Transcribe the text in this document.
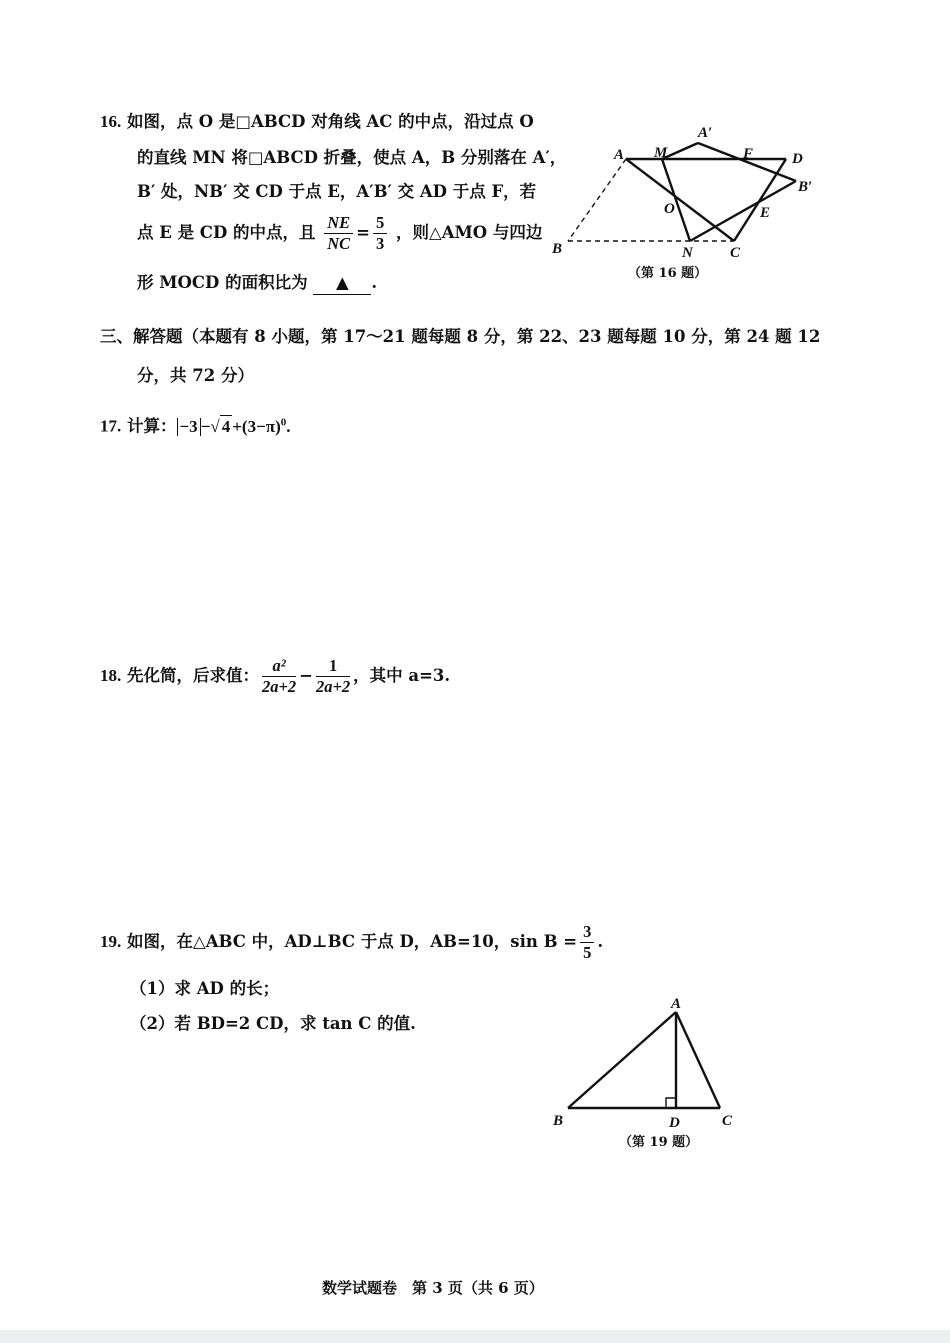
16. 如图，点 O 是□ABCD 对角线 AC 的中点，沿过点 O
的直线 MN 将□ABCD 折叠，使点 A，B 分别落在 A′，
B′ 处，NB′ 交 CD 于点 E，A′B′ 交 AD 于点 F，若
点 E 是 CD 的中点，且 $\frac{NE}{NC} = \frac{5}{3}$ ，则△AMO 与四边
形 MOCD 的面积比为 ▲ .
A M
A′
F	D
B′
O	E
B	N C
（第 16 题）
三、解答题（本题有 8 小题，第 17～21 题每题 8 分，第 22、23 题每题 10 分，第 24 题 12
分，共 72 分）
17. 计算： −3 −√ $4 +(3-\pi)^0$.
18. 先化简，后求值： $\frac{\text{a²}}{2a+2} - \frac{1}{2a+2}$ ，其中 a=3.
19. 如图，在△ABC 中，AD⊥BC 于点 D，AB=10，$\sin B = \frac{3}{5}$ .
（1）求 AD 的长；
（2）若 BD=2 CD，求 tan C 的值.
A
B	D	C
（第 19 题）
数学试题卷　第 3 页（共 6 页）
